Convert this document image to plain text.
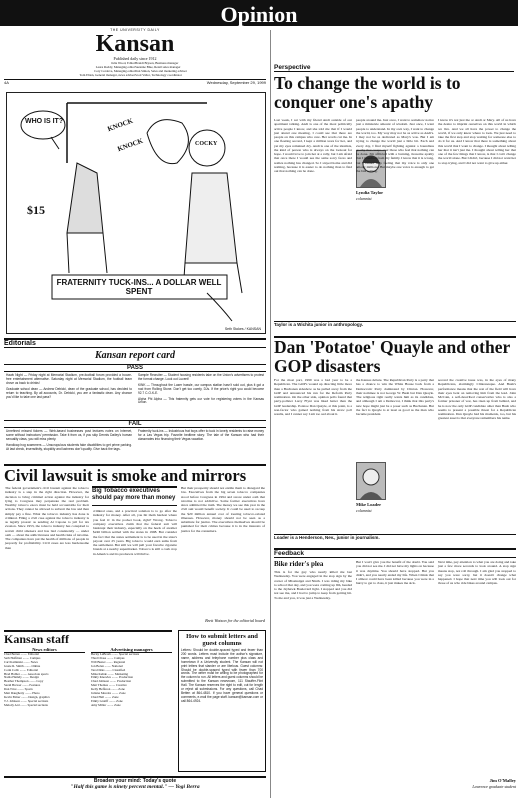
Opinion
THE UNIVERSITY DAILY
Kansan
Published daily since 1912
Julie Wood, Editor
Laura Roddy, Managing editor
Cory Cordova, Managing editor
Tom Eblen, General manager, news adviser
Brandi Bryson, Business manager
Suzanne Blue, Retail sales manager
Dan Simon, Sales and marketing adviser
Scott Vallor, Technology coordinator
4A	Wednesday, September 29, 1999
WHO IS IT?	KNOCK
KNOCK	COCKY
$15
FRATERNITY TUCK-INS... A DOLLAR WELL SPENT
Seth Stokes / KANSAN
Editorials
Kansan report card
PASS
Hawk Night — Friday night at Memorial Stadium, pre-football forum provided a booze-free entertainment alternative. Saturday night at Memorial Stadium, the football team drove us back to drinks!
Graduate school dean — Andrew Debicki, dean of the graduate school, has decided to return to teaching. By all accounts, Dr. Debicki, you are a fantastic dean. Any chance you'd like to take one last pass?
Sample Recruiter — Student housing residents take on the Union's advertisers to protest the format change. Look out Lucent!
KINK — Throughout the Lazer hassle, our campus station hasn't sold out, plus it got a nod from Rolling Stone. Don't get too comfy, DJs. If the price's right you could become 92.7 C-O-K-E.
Alpha Phi Alpha — This fraternity gets our vote for registering voters in the Kansas Union.
FAIL
Unrefined missed tickers — Web-based businesses post lectures notes on Internet, some without instructors' permission. Take it from us, if you skip Dennis Dailey's human sexuality class, you will miss plenty.
Handicap hog scammers — Unscrupulous students fake disabilities to get prime parking. At last check, insensitivity, stupidity and laziness don't qualify. Give back the tags.
Fraternity tuck-ins — Industrious frat boys offer to tuck in lonely residents to raise money for a Las Vegas trip. Favorite bedtime story: The tale of the Kansan who had their classmates into financing their Vegas vacation.
Civil lawsuit is smoke and mirrors
The federal government's civil lawsuit against the tobacco industry is a step in the right direction. However, the decision to bring criminal action against the industry for lying to Congress may perpetuate the real problem. Wealthy tobacco execs must be held accountable for their actions. They cannot be allowed to subvert the law and then simply pay a fine. What the tobacco industry has done is criminal. Filing a civil case against the tobacco industry is as legally prosaic as sending Al Capone to jail for tax evasion. Since 1953, the tobacco industry has conspired to recruit child smokers and has lied consistently — under oath — about the addictiveness and health risks of nicotine. The companies have put the health of millions of people in jeopardy for profitability. Civil cases are less burdensome than
Big Tobacco executives should pay more than money
criminal ones, and a practical solution is to go after the industry for money. After all, you hit them hardest where you feel it: in the pocket book, right? Wrong. Tobacco company executives claim that the federal suit will bankrupt their industry, especially on the heels of another $246 billion settled with the states in 1998. But consider the fact that the states settlement is to be used in the state's payout over 25 years. Big tobacco would earn sums from the settlement. But still we will pull your favorite cigarette brands at a nearby supermarket. Tobacco is still a cash crop in America and its producers will thrive.
But their prosperity should not entitle them to disregard the law. Executives from the big seven tobacco companies stood before Congress in 1994 and swore under oath that nicotine is not addictive. Some former executives have since admitted the truth. The money we see this year in the civil suit would benefit society. It could be used to recoup the $20 million annual cost of treating tobacco-related illnesses. However, money should not be seen as a substitute for justice. The executives themselves should be punished for their crimes because it is in the interests of justice for the consumers.
Brett Watson for the editorial board
Kansan staff
News editors
Chad Betten ........ Editorial
Seth Hoffman ........ Campus
Carl Kaminski ........ News
Jessie R. Smith ........ Online
Corin Cobb ........ Editorial
Brad Hallier ........ Associate sports
Nadia Hamdy ........ Design
Heather Thompson ........ Copy
Sarah Brewer ........ Features
Dan Trice ........ Sports
Matt Daugherty ........ Photo
Kevin Elmer ........ Design, graphics
T.J. Johnson ........ Special sections
Melody Ard ........ Special sections
Advertising managers
Becky LaBrash ........ Special sections
Thad Chase ........ Campus
Will Buster ........ Regional
Jon Bolen ........ National
Tara Dirks ........ Classified
Mina Kehde ........ Marketing
Emily Knowles ........ Production
Chad Johnson ........ Production
Matt Thomas ........ Creative
Kelly Hefferon ........ Zone
Juliana Moreira ........ Zone
Chad Hall ........ Zone
Emily Gratiff ........ Zone
Amy Miller ........ Zone
How to submit letters and guest columns
Letters: Should be double-spaced typed and fewer than 200 words. Letters must include the author's signature, name, address and telephone number plus class and hometown if a University student. The Kansan will not print letters that slander or are libelous. Guest columns: Should be double-spaced typed with fewer than 700 words. The writer must be willing to be photographed for the column to run. All letters and guest columns should be submitted to the Kansan newsroom, 111 Stauffer-Flint Hall. The Kansan reserves the right to edit, cut for length or reject all submissions. For any questions, call Chad Betten at 864-4810. If you have general questions or comments, e-mail the page staff. kansan@kansan.com or call 864-4924.
Broaden your mind: Today's quote
"Half this game is ninety percent mental." — Yogi Berra
Perspective
To change the world is to conquer one's apathy
Last week, I sat with my friend Andi outside of our apartment talking. Andi is one of the most politically active people I know, and she told me that if I would just attend one meeting, I could see that there are people on this campus who care. Her words cut me. In one fleeting second, I kept a million tears for her, and yet my eyes remained dry. Andi is one of the idealists, the kind of person who is always on the lookout for hope. I would love to join her at a rally, but I am afraid that once there I would see the same sorry faces and realize nothing has changed. So I stayed home and did nothing, because it is easier to do nothing than to find out that nothing can be done.
Lyndia Taylor
columnist
people around me. Just once, I want to somehow notice just a miniscule amount of wisdom. Just once, I want people to understand. In my own way, I want to change the world, too. My way may not be as active as Andi's. I may not be as dedicated as Mary's was. But I am trying to change the world just a little bit. Each and every day, I find myself fighting against a boundless apathy that creeps over those who feel that nothing can be done. I'm afflicted with a burning, tiresome apathy that I inherited from my family. I know that it is wrong, but I cannot help feeling that my voice is only one among millions. But maybe one voice is enough to get the ball rolling.
I know it's not just me or Andi or Mary. All of us have the desire to imprint ourselves on this world in which we live. And we all have the power to change the world, if we only knew where to look. We just need to take the first step and stop waiting for someone else to do it for us. And I know that there is something about this world that I want to change. I thought about telling her that it isn't just me. I thought about telling her that one of the few things that I know, is that I can't change the world alone. But I didn't, because I did not want her to stop trying, and I did not want to give up either.
Taylor is a Wichita junior in anthropology.
Dan 'Potatoe' Quayle and other GOP disasters
For the most part, 1999 was a bad year to be a Republican. The GOP's wound up directing little more than a Buchanan sideshow as he pulled away from the GOP and announced his run for the Reform Party nomination. On the other side, opinion polls found that party-pollster Larry Flynt was liked better than the GOP leadership. Potatoe Dan Quayle, at this point, is a non-factor who gained nothing from his straw poll results, and I cannot say I am too sad about it.
the Kansas debate. The Republican Party is a party that has a chance to win the White House back from a Democratic Party dominated by Clinton. However, their nominee is not George W. Bush but Dan Quayle. The religious right really wants him as its candidate, and although I am a Democrat, I think that this party's new hope might just be a poser such as Buchanan. But the fact is Quayle is at least as good as the man who became president.
Mike Loader
columnist
second the creative issue was, in the eyes of many Republicans, alarmingly Clintonesque. And Bush's performance means that the rest of the field will have their eyes bent on removing him from the lead. John McCain, a self-described conservative who is also a former prisoner of war, has risen up from behind, and he is now the only GOP candidate other than Bush who seems to present a possible threat for a Republican nomination. Dan Quayle had his moments, too, but his greatest asset is that everyone remembers his name.
Loader is a Henderson, Nev., junior in journalism.
Feedback
Bike rider's plea
This is for the guy who nearly killed me last Wednesday. You were engaged in the stop sign by the corner of Mississippi and Ninth. I was riding my bike to school that day, and you were coming up 9th, headed to the Jayhawk Boulevard light. I stopped and you did not see me, and I had to jump to keep from getting hit. To me and you, it was just a Wednesday.
But I won't give you the benefit of the doubt. You said you did not see me. I did not have my lights on because it was daytime. You should have stopped. But you didn't, and you nearly ended my life. When I think that I almost could have been killed because you were in a hurry to get to class, it just makes me sick.
Next time, pay attention to what you are doing and take just a few more seconds to look around. A stop sign means stop, not roll through. I am glad you stopped to say you were sorry, but it doesn't change what happened. I hope that next time you will look out for those of us who ride bikes around campus.
Jim O'Malley
Lawrence graduate student
